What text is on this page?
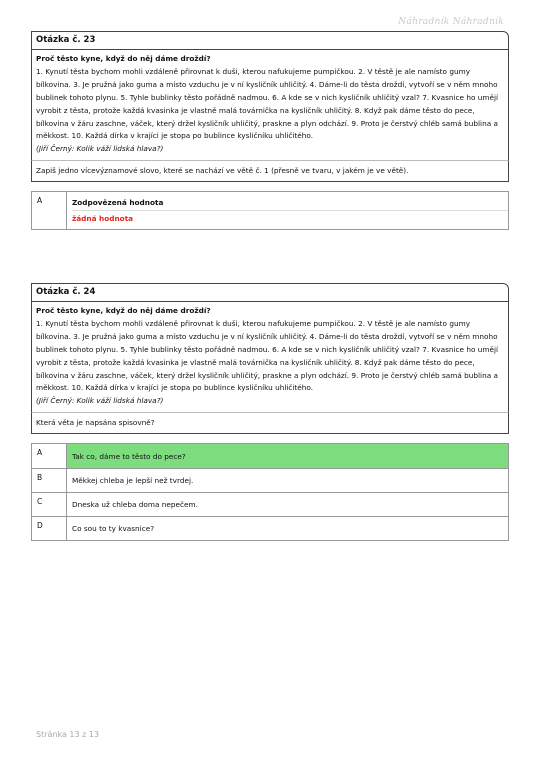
Náhradník Náhradník
Otázka č. 23
Proč těsto kyne, když do něj dáme droždí?
1. Kynutí těsta bychom mohli vzdáleně přirovnat k duši, kterou nafukujeme pumpičkou. 2. V těstě je ale namísto gumy bílkovina. 3. Je pružná jako guma a místo vzduchu je v ní kysličník uhličitý. 4. Dáme-li do těsta droždí, vytvoří se v něm mnoho bublinek tohoto plynu. 5. Tyhle bublinky těsto pořádně nadmou. 6. A kde se v nich kysličník uhličitý vzal? 7. Kvasnice ho umějí vyrobit z těsta, protože každá kvasinka je vlastně malá továrnička na kysličník uhličitý. 8. Když pak dáme těsto do pece, bílkovina v žáru zaschne, váček, který držel kysličník uhličitý, praskne a plyn odchází. 9. Proto je čerstvý chléb samá bublina a měkkost. 10. Každá dírka v krajíci je stopa po bublince kysličníku uhličitého.
(Jiří Černý: Kolik váží lidská hlava?)
Zapiš jedno vícevýznamové slovo, které se nachází ve větě č. 1 (přesně ve tvaru, v jakém je ve větě).
A	Zodpovězená hodnota
žádná hodnota
Otázka č. 24
Proč těsto kyne, když do něj dáme droždí?
1. Kynutí těsta bychom mohli vzdáleně přirovnat k duši, kterou nafukujeme pumpičkou. 2. V těstě je ale namísto gumy bílkovina. 3. Je pružná jako guma a místo vzduchu je v ní kysličník uhličitý. 4. Dáme-li do těsta droždí, vytvoří se v něm mnoho bublinek tohoto plynu. 5. Tyhle bublinky těsto pořádně nadmou. 6. A kde se v nich kysličník uhličitý vzal? 7. Kvasnice ho umějí vyrobit z těsta, protože každá kvasinka je vlastně malá továrnička na kysličník uhličitý. 8. Když pak dáme těsto do pece, bílkovina v žáru zaschne, váček, který držel kysličník uhličitý, praskne a plyn odchází. 9. Proto je čerstvý chléb samá bublina a měkkost. 10. Každá dírka v krajíci je stopa po bublince kysličníku uhličitého.
(Jiří Černý: Kolik váží lidská hlava?)
Která věta je napsána spisovně?
A	Tak co, dáme to těsto do pece?
B	Měkkej chleba je lepší než tvrdej.
C	Dneska už chleba doma nepečem.
D	Co sou to ty kvasnice?
Stránka 13 z 13
